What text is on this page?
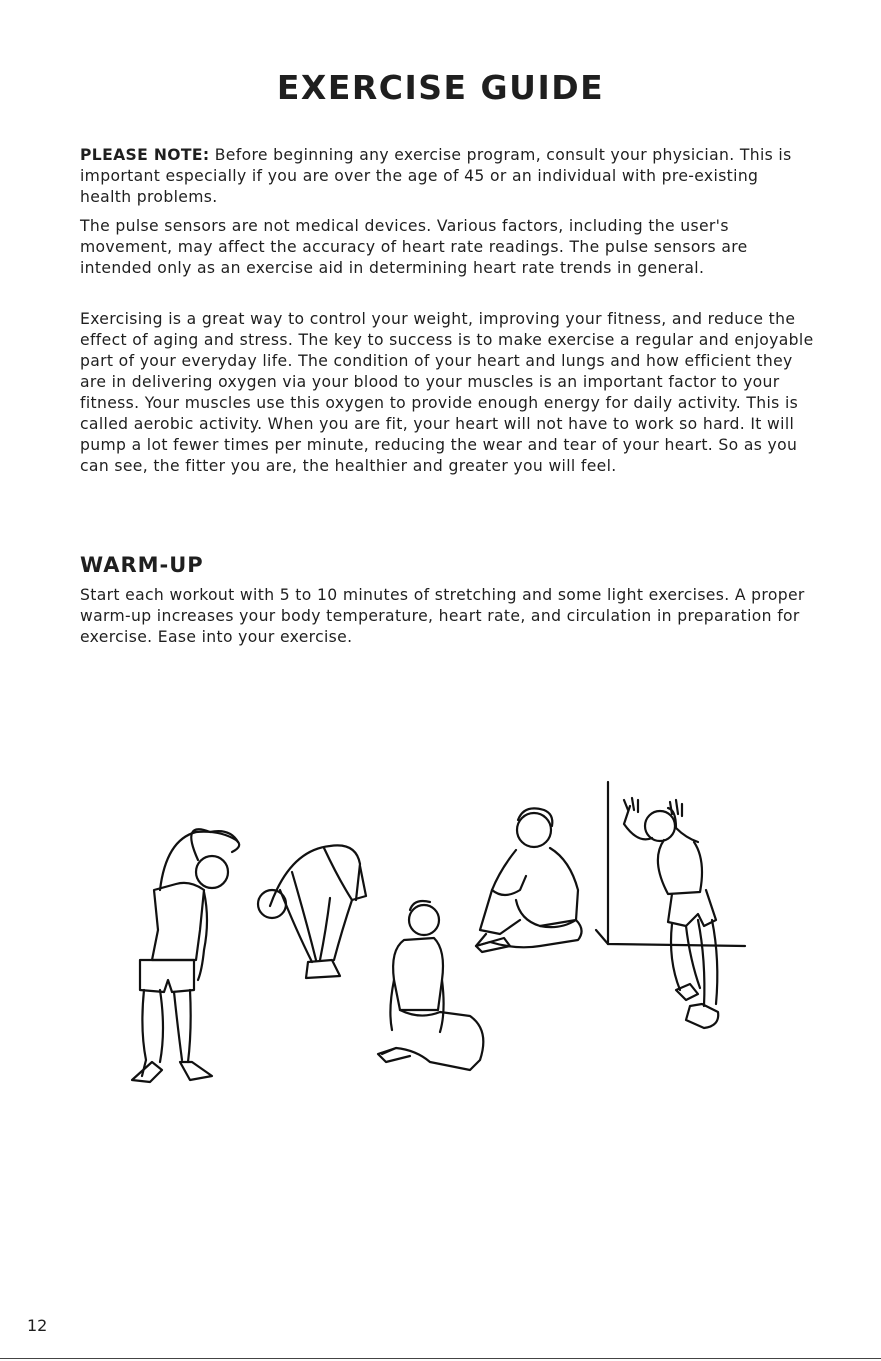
EXERCISE GUIDE

PLEASE NOTE: Before beginning any exercise program, consult your physician. This is important especially if you are over the age of 45 or an individual with pre-existing health problems.

The pulse sensors are not medical devices. Various factors, including the user's movement, may affect the accuracy of heart rate readings. The pulse sensors are intended only as an exercise aid in determining heart rate trends in general.

Exercising is a great way to control your weight, improving your fitness, and reduce the effect of aging and stress. The key to success is to make exercise a regular and enjoyable part of your everyday life. The condition of your heart and lungs and how efficient they are in delivering oxygen via your blood to your muscles is an important factor to your fitness. Your muscles use this oxygen to provide enough energy for daily activity. This is called aerobic activity. When you are fit, your heart will not have to work so hard. It will pump a lot fewer times per minute, reducing the wear and tear of your heart. So as you can see, the fitter you are, the healthier and greater you will feel.

WARM-UP

Start each workout with 5 to 10 minutes of stretching and some light exercises. A proper warm-up increases your body temperature, heart rate, and circulation in preparation for exercise. Ease into your exercise.

12
